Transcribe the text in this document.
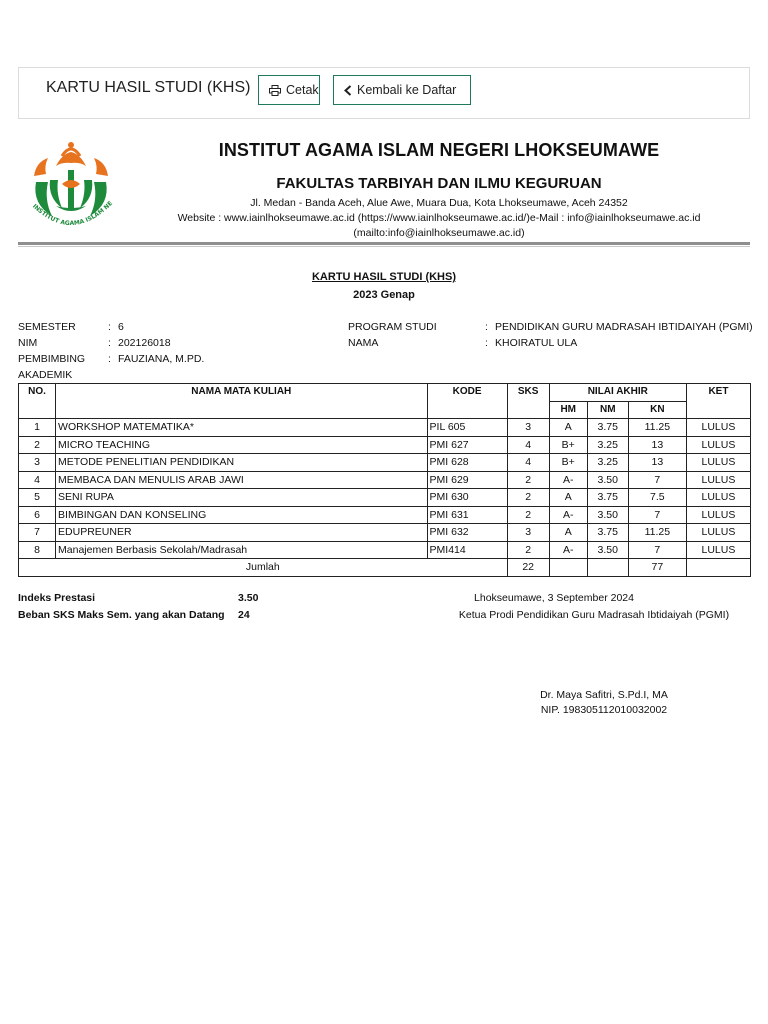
KARTU HASIL STUDI (KHS)	Cetak	Kembali ke Daftar
INSTITUT AGAMA ISLAM NE
INSTITUT AGAMA ISLAM NEGERI LHOKSEUMAWE
FAKULTAS TARBIYAH DAN ILMU KEGURUAN
Jl. Medan - Banda Aceh, Alue Awe, Muara Dua, Kota Lhokseumawe, Aceh 24352
Website : www.iainlhokseumawe.ac.id (https://www.iainlhokseumawe.ac.id/)e-Mail : info@iainlhokseumawe.ac.id
(mailto:info@iainlhokseumawe.ac.id)
KARTU HASIL STUDI (KHS)
2023 Genap
SEMESTER	: 6
NIM	: 202126018
PEMBIMBING
AKADEMIK
: FAUZIANA, M.PD.
PROGRAM STUDI	: PENDIDIKAN GURU MADRASAH IBTIDAIYAH (PGMI)
NAMA	: KHOIRATUL ULA
NO.	NAMA MATA KULIAH	KODE	SKS	NILAI AKHIR			KET
				HM	NM	KN	
1	WORKSHOP MATEMATIKA*	PIL 605	3	A	3.75	11.25	LULUS
2	MICRO TEACHING	PMI 627	4	B+	3.25	13	LULUS
3	METODE PENELITIAN PENDIDIKAN	PMI 628	4	B+	3.25	13	LULUS
4	MEMBACA DAN MENULIS ARAB JAWI	PMI 629	2	A-	3.50	7	LULUS
5	SENI RUPA	PMI 630	2	A	3.75	7.5	LULUS
6	BIMBINGAN DAN KONSELING	PMI 631	2	A-	3.50	7	LULUS
7	EDUPREUNER	PMI 632	3	A	3.75	11.25	LULUS
8	Manajemen Berbasis Sekolah/Madrasah	PMI414	2	A-	3.50	7	LULUS
Jumlah			22			77	
Indeks Prestasi	3.50
Beban SKS Maks Sem. yang akan Datang 24
Lhokseumawe, 3 September 2024
Ketua Prodi Pendidikan Guru Madrasah Ibtidaiyah (PGMI)
Dr. Maya Safitri, S.Pd.I, MA
NIP. 198305112010032002
